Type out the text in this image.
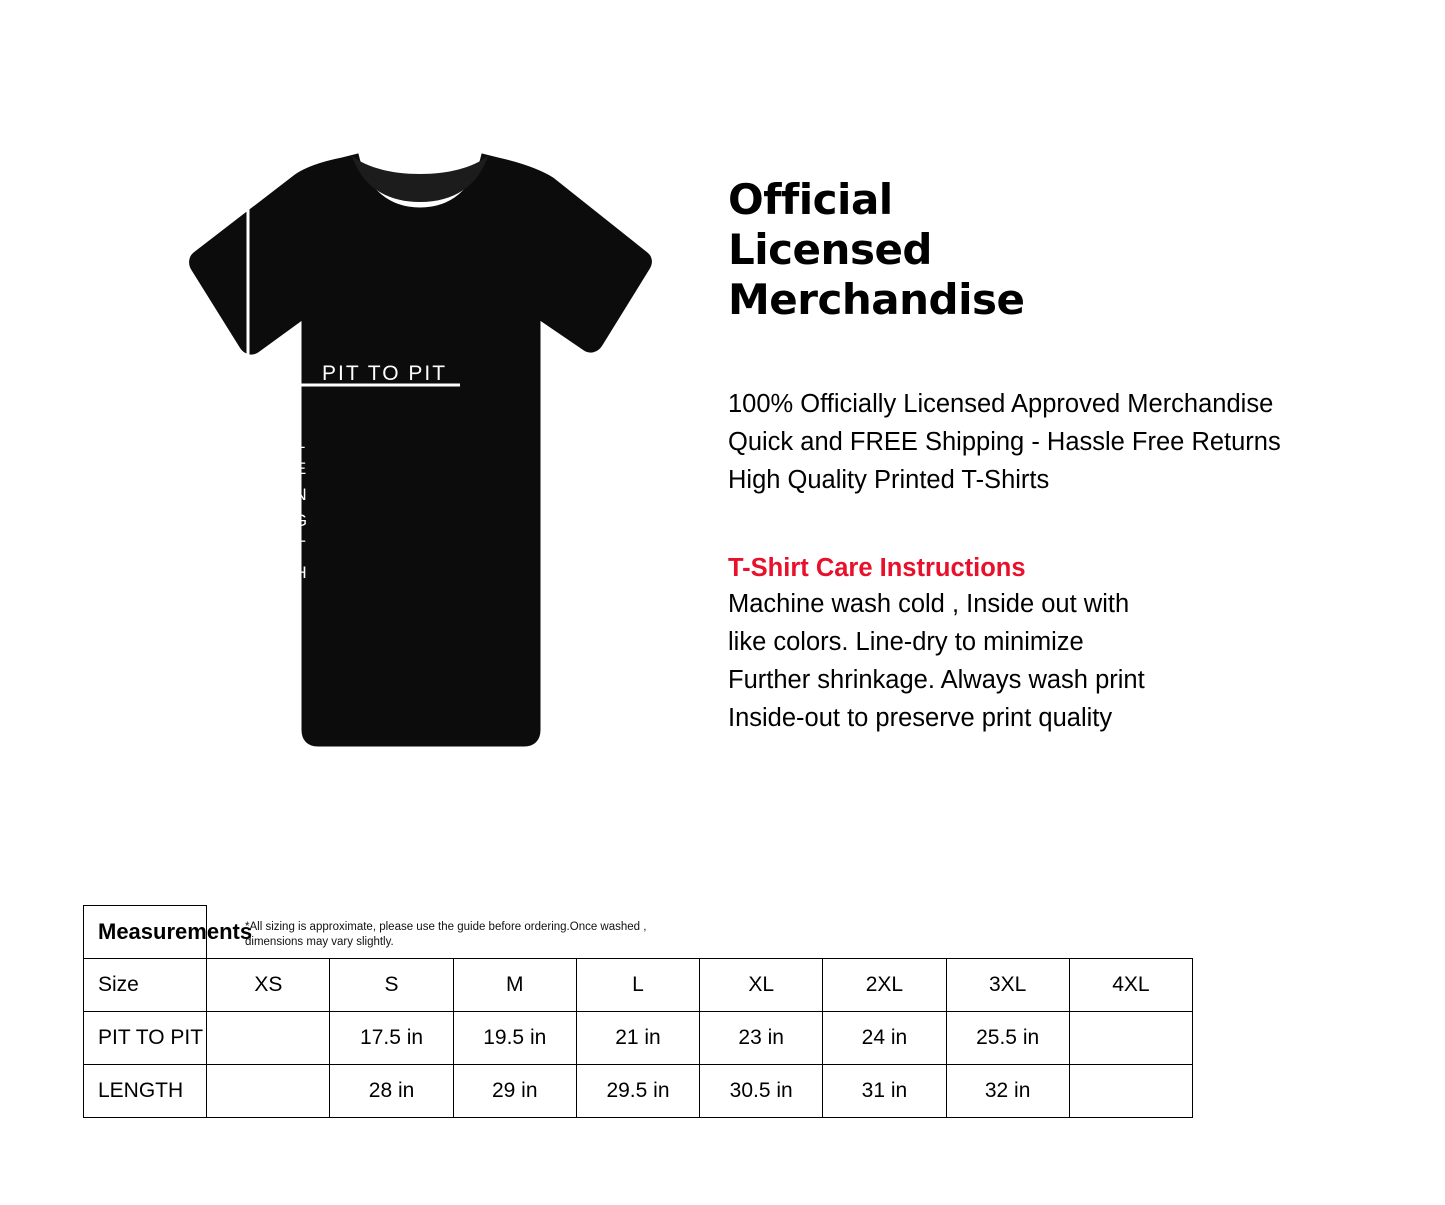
PIT TO PIT
L
E
N
G
T
H
*All sizing is approximate, please use the guide before ordering.Once washed , dimensions may vary slightly.
Official
Licensed
Merchandise
100% Officially Licensed Approved Merchandise
Quick and FREE Shipping - Hassle Free Returns
High Quality Printed T-Shirts
T-Shirt Care Instructions
Machine wash cold , Inside out with
like colors. Line-dry to minimize
Further shrinkage. Always wash print
Inside-out to preserve print quality
Measurements								
Size	XS	S	M	L	XL	2XL	3XL	4XL
PIT TO PIT		17.5 in	19.5 in	21 in	23 in	24 in	25.5 in	
LENGTH		28 in	29 in	29.5 in	30.5 in	31 in	32 in	
